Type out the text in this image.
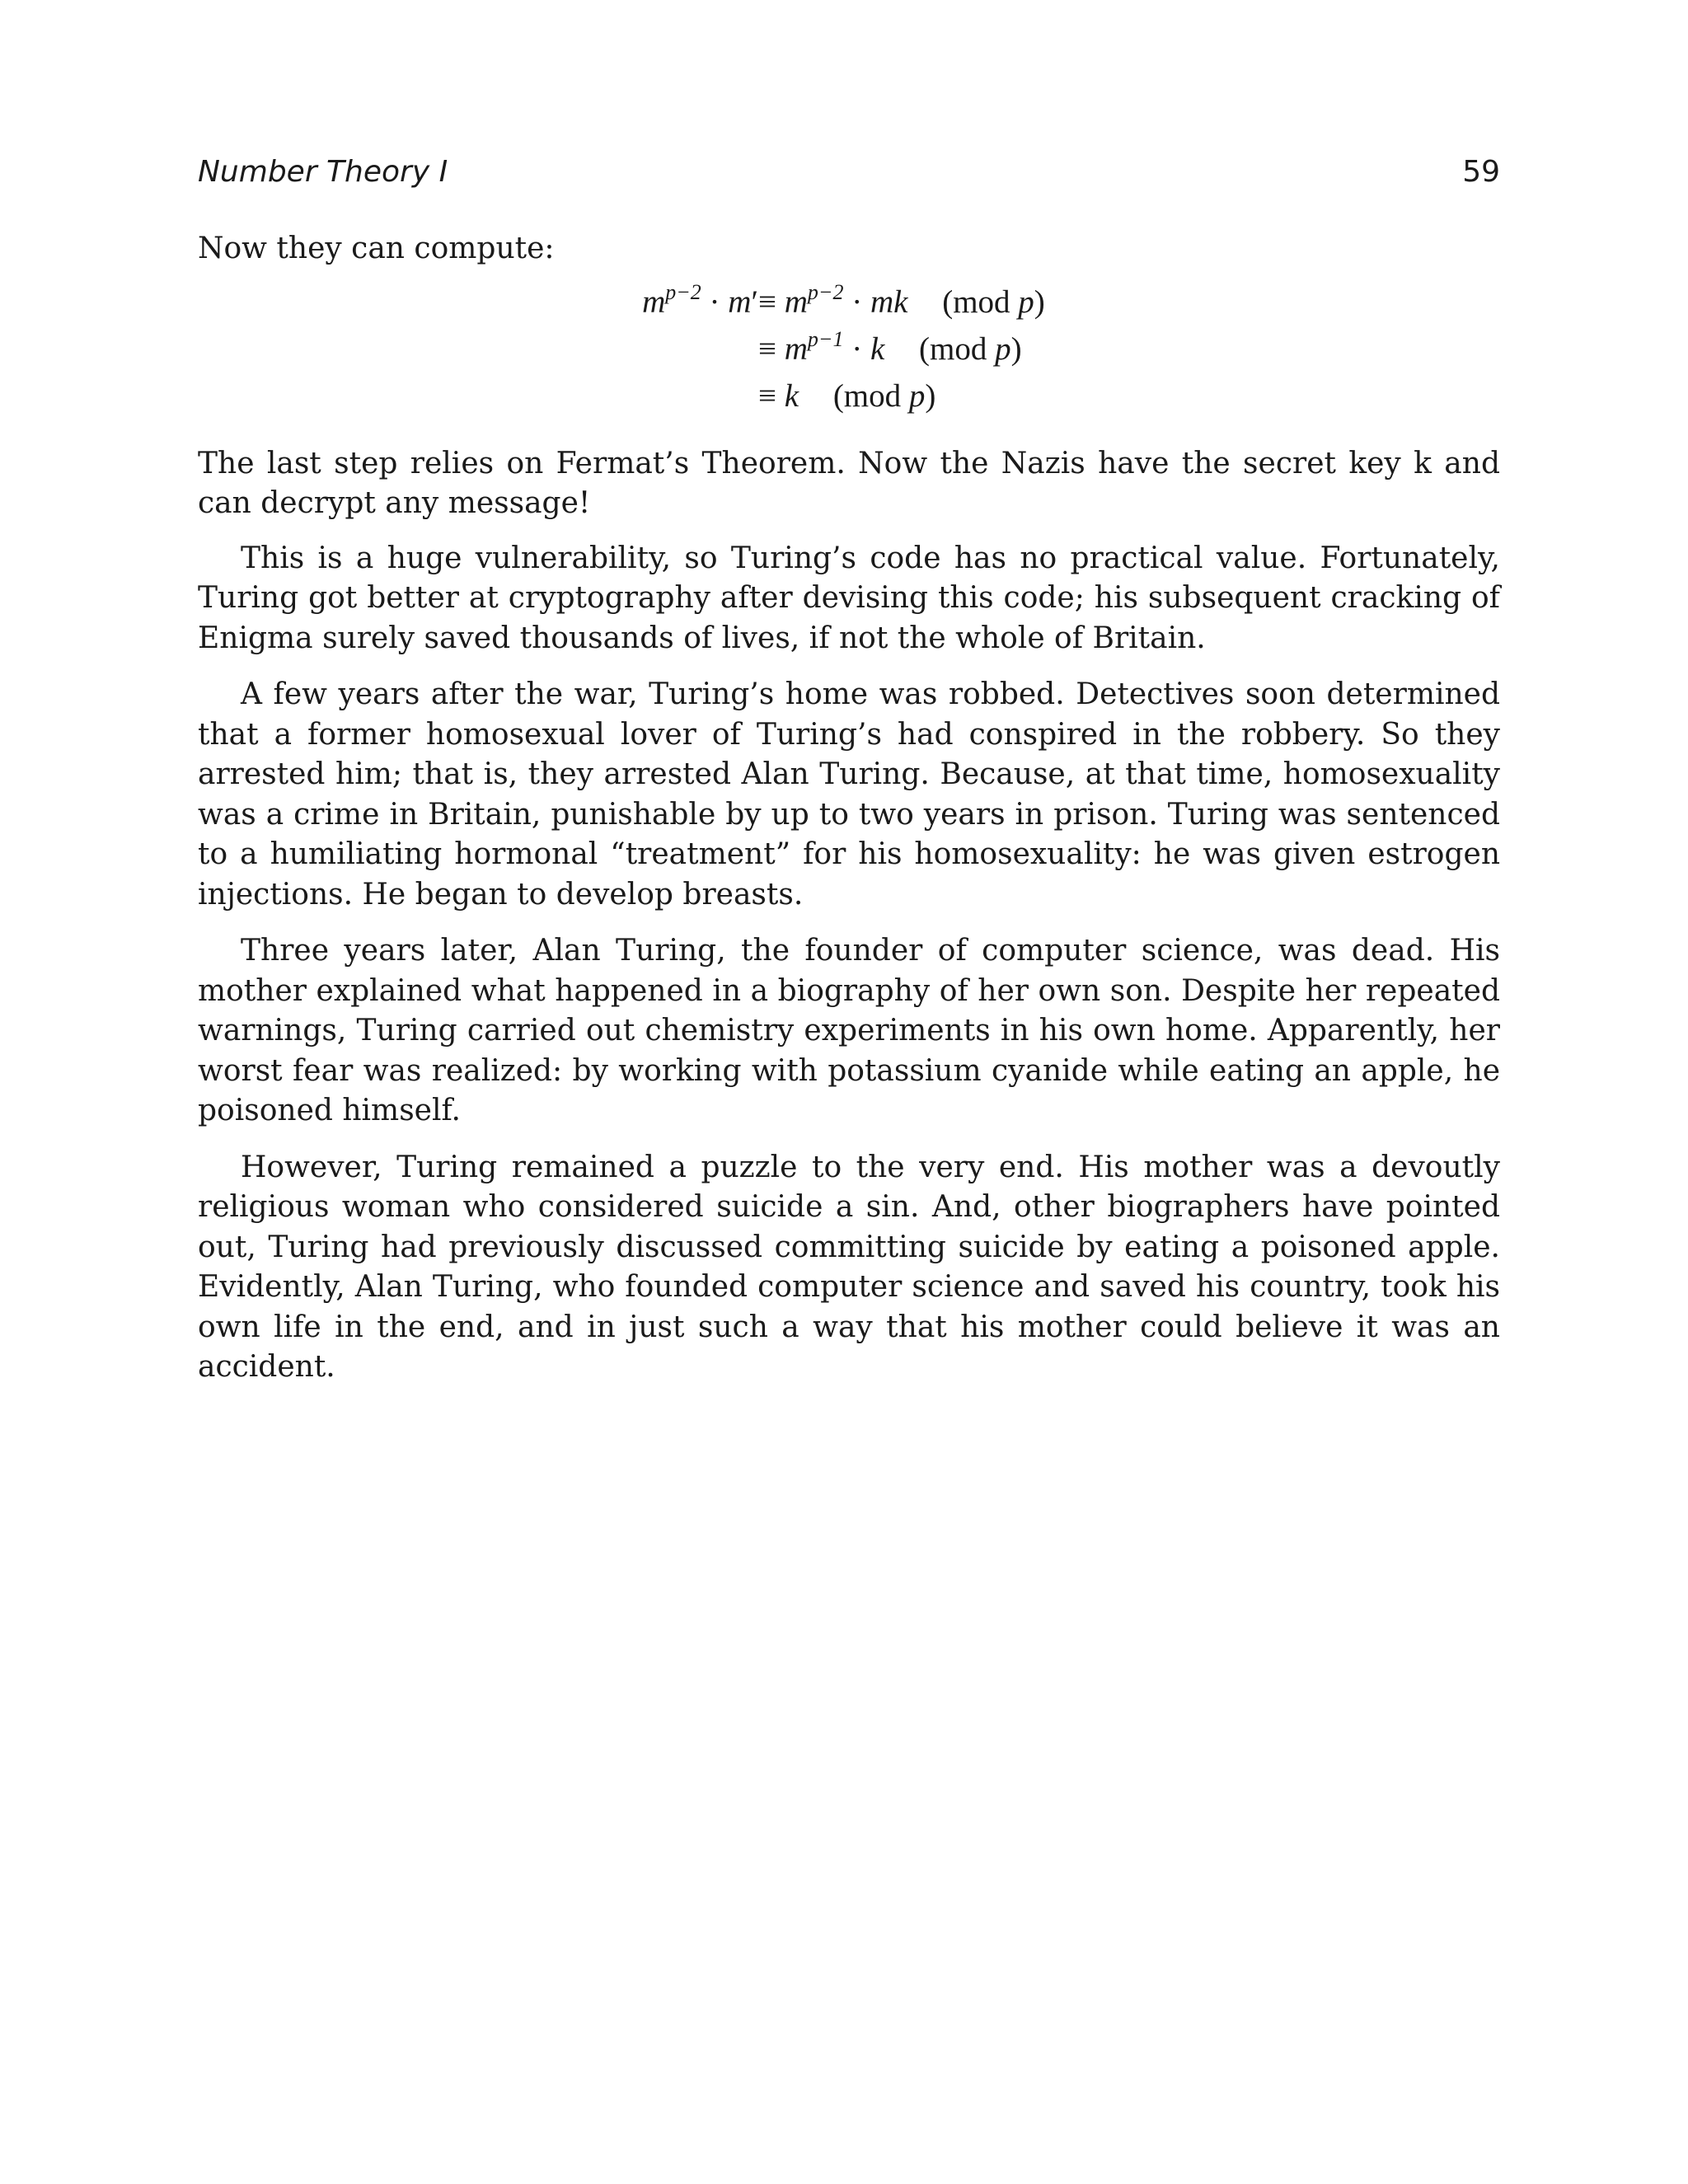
Number Theory I	59

Now they can compute:

$m^{p-2} \cdot m' \equiv m^{p-2}$ · mk (mod p)
≡ $m^{p-1} \cdot k$ (mod p)
≡ k (mod p)

The last step relies on Fermat’s Theorem. Now the Nazis have the secret key k and can decrypt any message!

This is a huge vulnerability, so Turing’s code has no practical value. Fortunately, Turing got better at cryptography after devising this code; his subsequent cracking of Enigma surely saved thousands of lives, if not the whole of Britain.

A few years after the war, Turing’s home was robbed. Detectives soon determined that a former homosexual lover of Turing’s had conspired in the robbery. So they arrested him; that is, they arrested Alan Turing. Because, at that time, homosexuality was a crime in Britain, punishable by up to two years in prison. Turing was sentenced to a humiliating hormonal “treatment” for his homosexuality: he was given estrogen injections. He began to develop breasts.

Three years later, Alan Turing, the founder of computer science, was dead. His mother explained what happened in a biography of her own son. Despite her repeated warnings, Turing carried out chemistry experiments in his own home. Apparently, her worst fear was realized: by working with potassium cyanide while eating an apple, he poisoned himself.

However, Turing remained a puzzle to the very end. His mother was a devoutly religious woman who considered suicide a sin. And, other biographers have pointed out, Turing had previously discussed committing suicide by eating a poisoned apple. Evidently, Alan Turing, who founded computer science and saved his country, took his own life in the end, and in just such a way that his mother could believe it was an accident.
